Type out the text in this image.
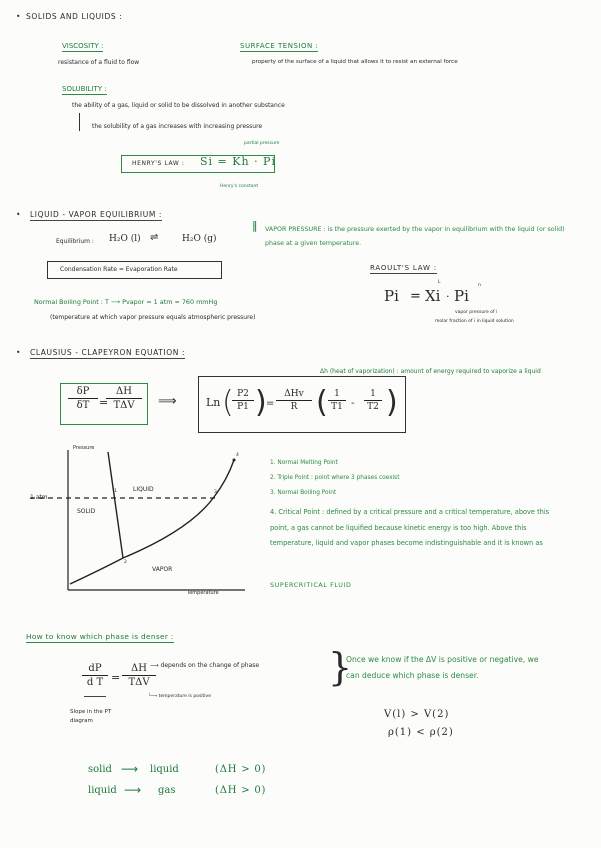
• SOLIDS AND LIQUIDS :
VISCOSITY :
resistance of a fluid to flow
SURFACE TENSION :
property of the surface of a liquid that allows it to resist an external force
SOLUBILITY :
the ability of a gas, liquid or solid to be dissolved in another substance
the solubility of a gas increases with increasing pressure
HENRY'S LAW : Si = Kh · Pi
partial pressure
Henry's constant
• LIQUID - VAPOR EQUILIBRIUM :
Equilibrium : H₂O (l) ⇌	H₂O (g)
Condensation Rate = Evaporation Rate
‖ VAPOR PRESSURE : is the pressure exerted by the vapor in equilibrium with the liquid (or solid) phase at a given temperature.
RAOULT'S LAW :
Pi = Xi · Pi
L
n
vapor pressure of i
molar fraction of i in liquid solution
Normal Boiling Point : T ⟶ Pvapor = 1 atm = 760 mmHg
(temperature at which vapor pressure equals atmospheric pressure)
• CLAUSIUS - CLAPEYRON EQUATION :
Δh (heat of vaporization) : amount of energy required to vaporize a liquid
δP
δT =
ΔH
TΔV	⟹	Ln ( P2
P1 ) =
ΔHv
R ( 1
T1 -
1
T2 )
Pressure
Temperature
1 atm
SOLID
LIQUID
VAPOR
1
2
3
4
1. Normal Melting Point
2. Triple Point : point where 3 phases coexist
3. Normal Boiling Point
4. Critical Point : defined by a critical pressure and a critical temperature, above this point, a gas cannot be liquified because kinetic energy is too high. Above this temperature, liquid and vapor phases become indistinguishable and it is known as
SUPERCRITICAL FLUID
How to know which phase is denser :
dP
d T =
ΔH
TΔV
⟶ depends on the change of phase
└⟶ temperature is positive
Slope in the PT diagram
}
Once we know if the ΔV is positive or negative, we can deduce which phase is denser.
V(l) > V(2)
ρ(1) < ρ(2)
solid ⟶ liquid	(ΔH > 0)
liquid ⟶ gas	(ΔH > 0)
